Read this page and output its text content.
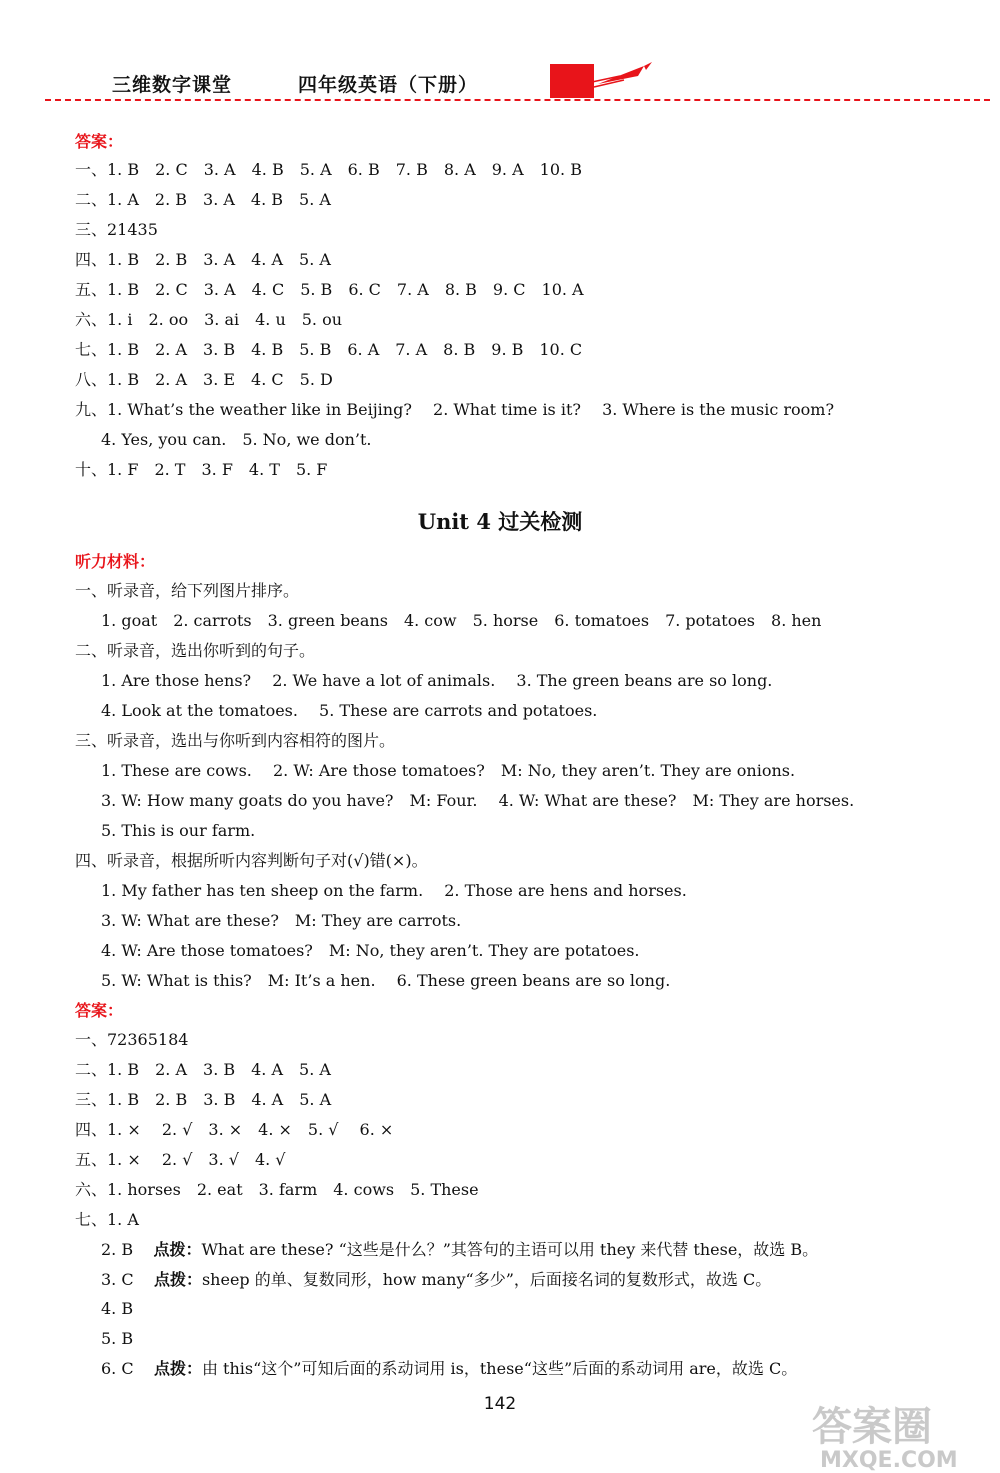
三维数字课堂	四年级英语（下册）
答案：
一、1. B　2. C　3. A　4. B　5. A　6. B　7. B　8. A　9. A　10. B
二、1. A　2. B　3. A　4. B　5. A
三、21435
四、1. B　2. B　3. A　4. A　5. A
五、1. B　2. C　3. A　4. C　5. B　6. C　7. A　8. B　9. C　10. A
六、1. i　2. oo　3. ai　4. u　5. ou
七、1. B　2. A　3. B　4. B　5. B　6. A　7. A　8. B　9. B　10. C
八、1. B　2. A　3. E　4. C　5. D
九、1. What’s the weather like in Beijing?　 2. What time is it?　 3. Where is the music room?
4. Yes, you can.　5. No, we don’t.
十、1. F　2. T　3. F　4. T　5. F
Unit 4 过关检测
听力材料：
一、听录音，给下列图片排序。
1. goat　2. carrots　3. green beans　4. cow　5. horse　6. tomatoes　7. potatoes　8. hen
二、听录音，选出你听到的句子。
1. Are those hens?　 2. We have a lot of animals.　 3. The green beans are so long.
4. Look at the tomatoes.　 5. These are carrots and potatoes.
三、听录音，选出与你听到内容相符的图片。
1. These are cows.　 2. W: Are those tomatoes?　M: No, they aren’t. They are onions.
3. W: How many goats do you have?　M: Four.　 4. W: What are these?　M: They are horses.
5. This is our farm.
四、听录音，根据所听内容判断句子对(√)错(×)。
1. My father has ten sheep on the farm.　 2. Those are hens and horses.
3. W: What are these?　M: They are carrots.
4. W: Are those tomatoes?　M: No, they aren’t. They are potatoes.
5. W: What is this?　M: It’s a hen.　 6. These green beans are so long.
答案：
一、72365184
二、1. B　2. A　3. B　4. A　5. A
三、1. B　2. B　3. B　4. A　5. A
四、1. ×　 2. √　3. ×　4. ×　5. √　 6. ×
五、1. ×　 2. √　3. √　4. √
六、1. horses　2. eat　3. farm　4. cows　5. These
七、1. A
2. B 点拨：What are these? “这些是什么？”其答句的主语可以用 they 来代替 these，故选 B。
3. C 点拨：sheep 的单、复数同形，how many“多少”，后面接名词的复数形式，故选 C。
4. B
5. B
6. C 点拨：由 this“这个”可知后面的系动词用 is，these“这些”后面的系动词用 are，故选 C。
142	答案圈
MXQE.COM
